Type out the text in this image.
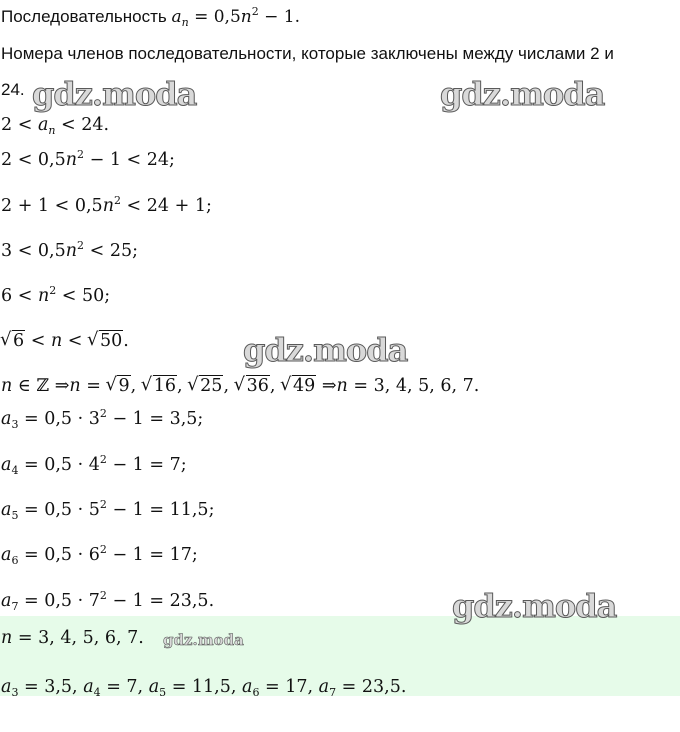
Последовательность $a_n = 0,5n^2 - 1$.
Номера членов последовательности, которые заключены между числами 2 и
24.
$2 < a_n < 24$.
$2 < 0,5n^2 - 1 < 24$;
$2 + 1 < 0,5n^2 < 24 + 1$;
$3 < 0,5n^2 < 25$;
$6 < n^2 < 50$;
√ 6 < n < √ 50.
n ∈ ℤ ⇒n = √ 9, √ 16, √ 25, √ 36, √ 49 ⇒n = 3, 4, 5, 6, 7.
$a_3 = 0,5 \cdot 3^2 - 1 = 3,5$;
$a_4 = 0,5 \cdot 4^2 - 1 = 7$;
$a_5 = 0,5 \cdot 5^2 - 1 = 11,5$;
$a_6 = 0,5 \cdot 6^2 - 1 = 17$;
$a_7 = 0,5 \cdot 7^2 - 1 = 23,5$.
n = 3, 4, 5, 6, 7.
$a_3 = 3,5$, $a_4 = 7$, $a_5 = 11,5$, $a_6 = 17$, $a_7 = 23,5$.
gdz.moda	gdz.moda
gdz.moda
gdz.moda
gdz.moda
